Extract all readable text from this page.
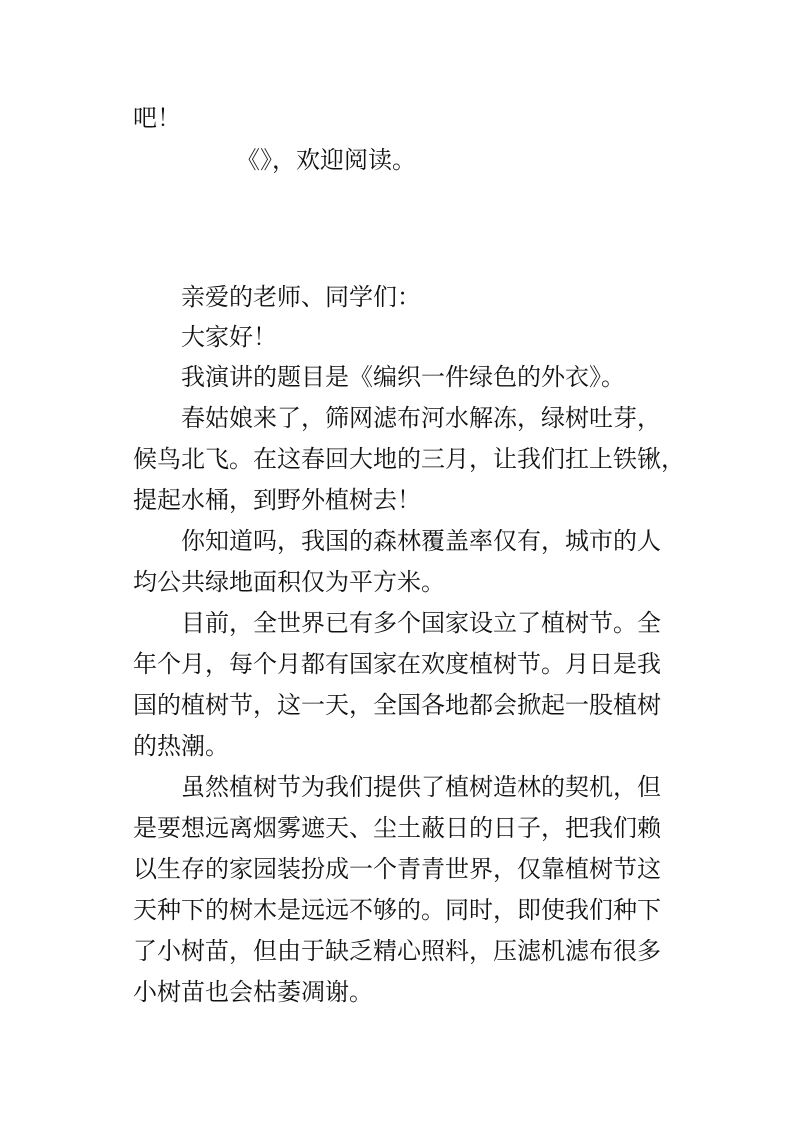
吧！
《》，欢迎阅读。
亲爱的老师、同学们：
大家好！
我演讲的题目是《编织一件绿色的外衣》。
春姑娘来了，筛网滤布河水解冻，绿树吐芽，
候鸟北飞。在这春回大地的三月，让我们扛上铁锹，
提起水桶，到野外植树去！
你知道吗，我国的森林覆盖率仅有，城市的人
均公共绿地面积仅为平方米。
目前，全世界已有多个国家设立了植树节。全
年个月，每个月都有国家在欢度植树节。月日是我
国的植树节，这一天，全国各地都会掀起一股植树
的热潮。
虽然植树节为我们提供了植树造林的契机，但
是要想远离烟雾遮天、尘土蔽日的日子，把我们赖
以生存的家园装扮成一个青青世界，仅靠植树节这
天种下的树木是远远不够的。同时，即使我们种下
了小树苗，但由于缺乏精心照料，压滤机滤布很多
小树苗也会枯萎凋谢。
